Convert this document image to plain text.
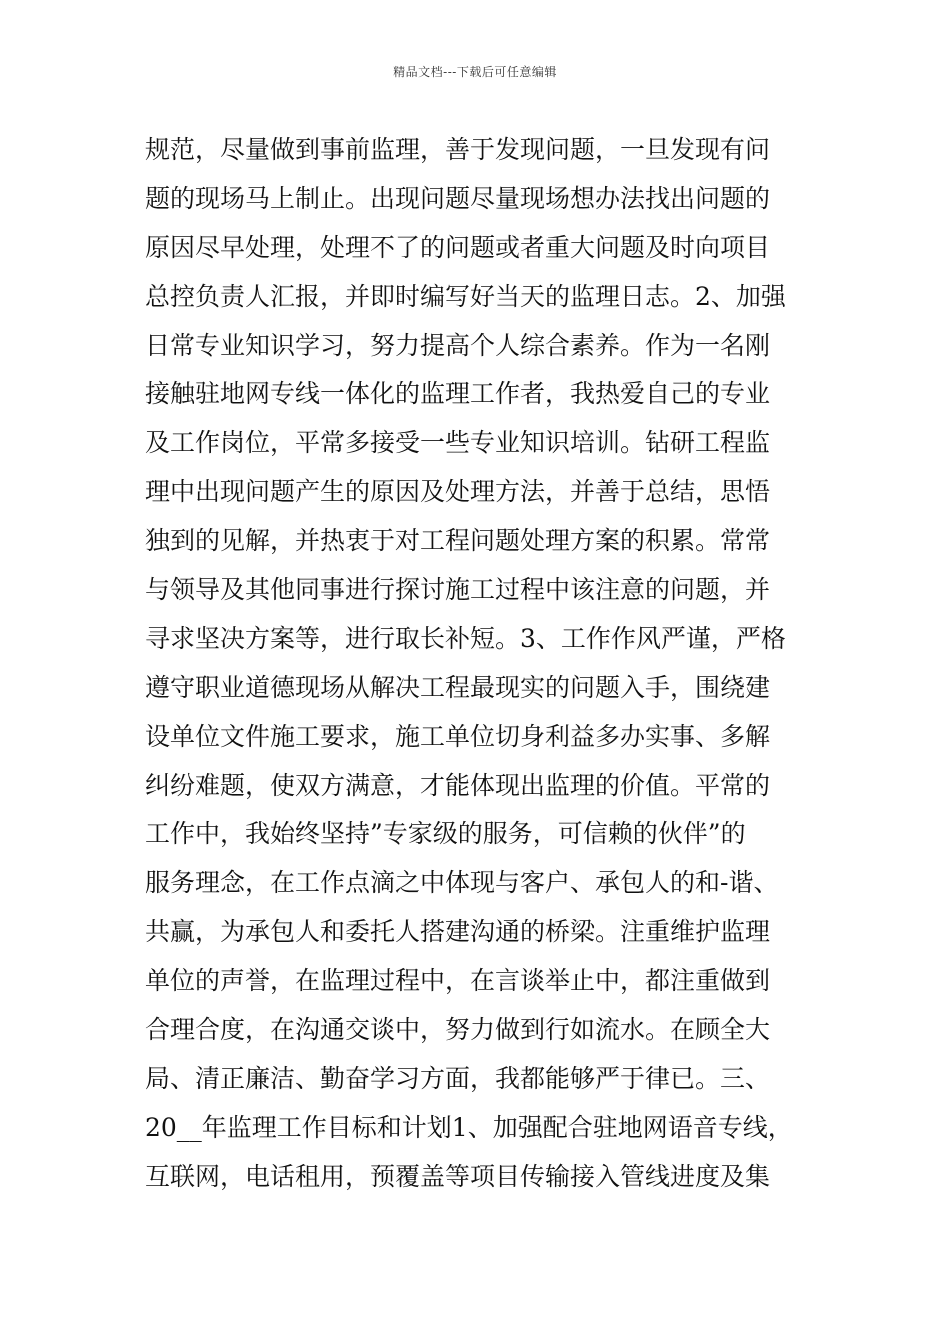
精品文档---下载后可任意编辑
规范，尽量做到事前监理，善于发现问题，一旦发现有问
题的现场马上制止。出现问题尽量现场想办法找出问题的
原因尽早处理，处理不了的问题或者重大问题及时向项目
总控负责人汇报，并即时编写好当天的监理日志。2、加强
日常专业知识学习，努力提高个人综合素养。作为一名刚
接触驻地网专线一体化的监理工作者，我热爱自己的专业
及工作岗位，平常多接受一些专业知识培训。钻研工程监
理中出现问题产生的原因及处理方法，并善于总结，思悟
独到的见解，并热衷于对工程问题处理方案的积累。常常
与领导及其他同事进行探讨施工过程中该注意的问题，并
寻求坚决方案等，进行取长补短。3、工作作风严谨，严格
遵守职业道德现场从解决工程最现实的问题入手，围绕建
设单位文件施工要求，施工单位切身利益多办实事、多解
纠纷难题，使双方满意，才能体现出监理的价值。平常的
工作中，我始终坚持”专家级的服务，可信赖的伙伴”的
服务理念，在工作点滴之中体现与客户、承包人的和-谐、
共赢，为承包人和委托人搭建沟通的桥梁。注重维护监理
单位的声誉，在监理过程中，在言谈举止中，都注重做到
合理合度，在沟通交谈中，努力做到行如流水。在顾全大
局、清正廉洁、勤奋学习方面，我都能够严于律已。三、
20__年监理工作目标和计划1、加强配合驻地网语音专线，
互联网，电话租用，预覆盖等项目传输接入管线进度及集
